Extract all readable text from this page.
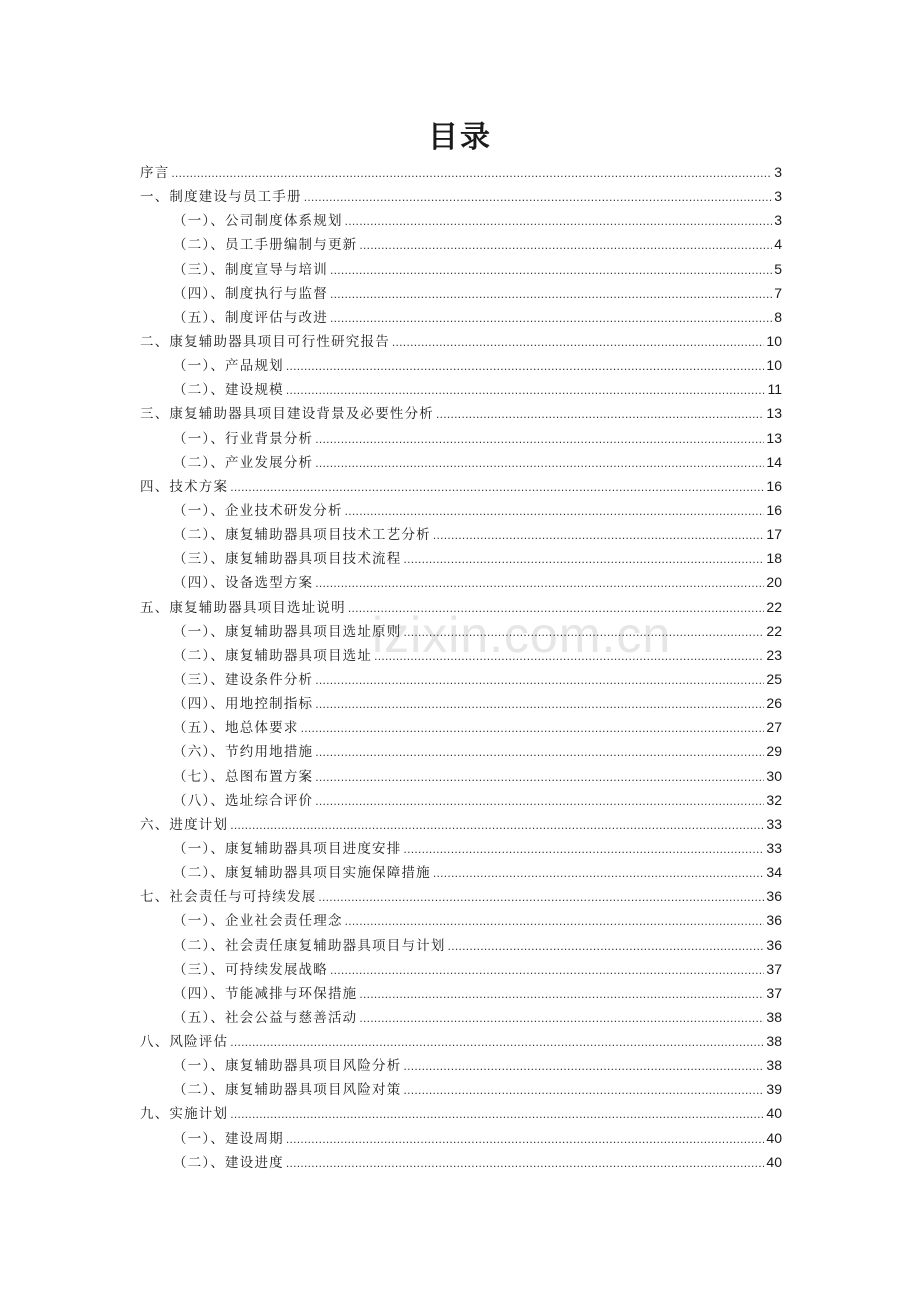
izixin.com.cn
目录
序言 .....	3
一、制度建设与员工手册 .....	3
（一）、公司制度体系规划 .....	3
（二）、员工手册编制与更新 .....	4
（三）、制度宣导与培训 .....	5
（四）、制度执行与监督 .....	7
（五）、制度评估与改进 .....	8
二、康复辅助器具项目可行性研究报告 .....	10
（一）、产品规划 .....	10
（二）、建设规模 .....	11
三、康复辅助器具项目建设背景及必要性分析 .....	13
（一）、行业背景分析 .....	13
（二）、产业发展分析 .....	14
四、技术方案 .....	16
（一）、企业技术研发分析 .....	16
（二）、康复辅助器具项目技术工艺分析 .....	17
（三）、康复辅助器具项目技术流程 .....	18
（四）、设备选型方案 .....	20
五、康复辅助器具项目选址说明 .....	22
（一）、康复辅助器具项目选址原则 .....	22
（二）、康复辅助器具项目选址 .....	23
（三）、建设条件分析 .....	25
（四）、用地控制指标 .....	26
（五）、地总体要求 .....	27
（六）、节约用地措施 .....	29
（七）、总图布置方案 .....	30
（八）、选址综合评价 .....	32
六、进度计划 .....	33
（一）、康复辅助器具项目进度安排 .....	33
（二）、康复辅助器具项目实施保障措施 .....	34
七、社会责任与可持续发展 .....	36
（一）、企业社会责任理念 .....	36
（二）、社会责任康复辅助器具项目与计划 .....	36
（三）、可持续发展战略 .....	37
（四）、节能减排与环保措施 .....	37
（五）、社会公益与慈善活动 .....	38
八、风险评估 .....	38
（一）、康复辅助器具项目风险分析 .....	38
（二）、康复辅助器具项目风险对策 .....	39
九、实施计划 .....	40
（一）、建设周期 .....	40
（二）、建设进度 .....	40
